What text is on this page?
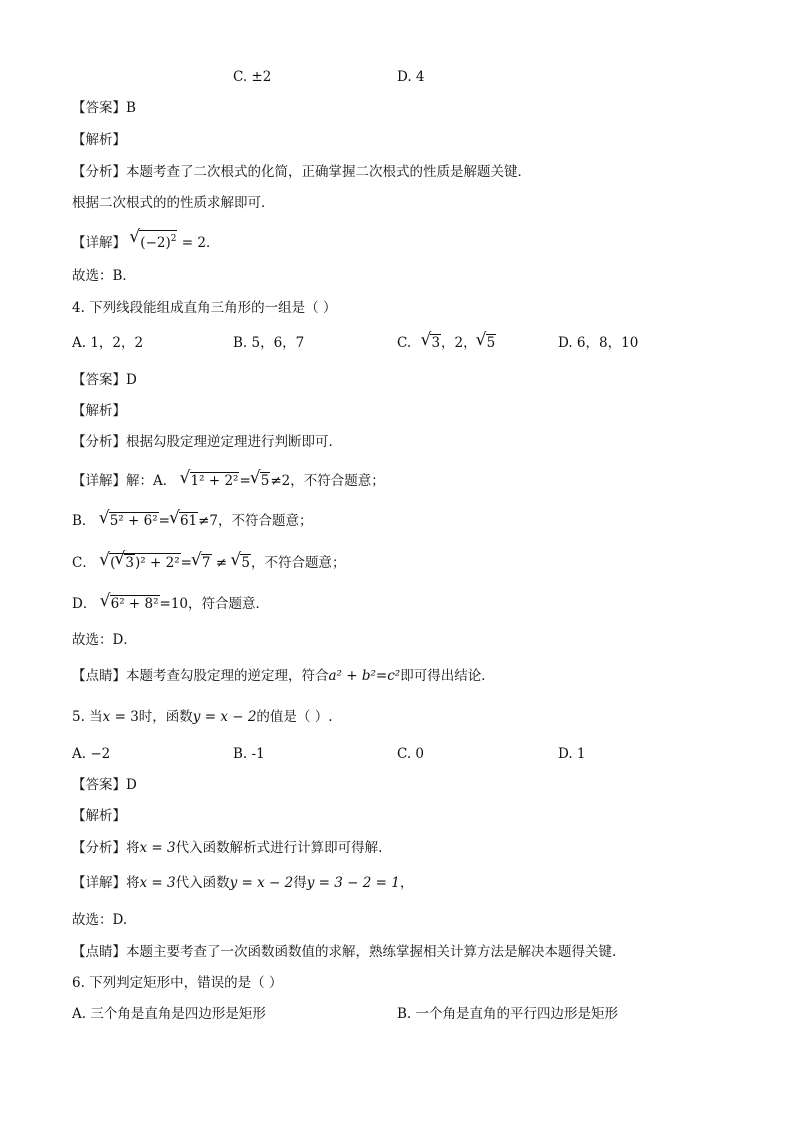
C. ±2	D. 4
【答案】B
【解析】
【分析】本题考查了二次根式的化简，正确掌握二次根式的性质是解题关键．
根据二次根式的的性质求解即可．
【详解】 √ $(-2)^2 = 2$．
故选：B．
4. 下列线段能组成直角三角形的一组是（ ）
A. 1，2，2	B. 5，6，7	C. √ 3，2， √ 5	D. 6，8，10
【答案】D
【解析】
【分析】根据勾股定理逆定理进行判断即可．
【详解】解：A． √ 1² + 2²= √ 5≠2，不符合题意；
B． √ 5² + 6²= √ 61≠7，不符合题意；
C． √ ( √ 3)² + 2²= √ 7 ≠ √ 5，不符合题意；
D． √ 6² + 8²=10，符合题意．
故选：D．
【点睛】本题考查勾股定理的逆定理，符合a² + b²=c²即可得出结论．
5. 当x = 3时，函数y = x − 2的值是（ ）.
A. −2	B. -1	C. 0	D. 1
【答案】D
【解析】
【分析】将x = 3代入函数解析式进行计算即可得解.
【详解】将x = 3代入函数y = x − 2得y = 3 − 2 = 1，
故选：D.
【点睛】本题主要考查了一次函数函数值的求解，熟练掌握相关计算方法是解决本题得关键.
6. 下列判定矩形中，错误的是（ ）
A. 三个角是直角是四边形是矩形	B. 一个角是直角的平行四边形是矩形
